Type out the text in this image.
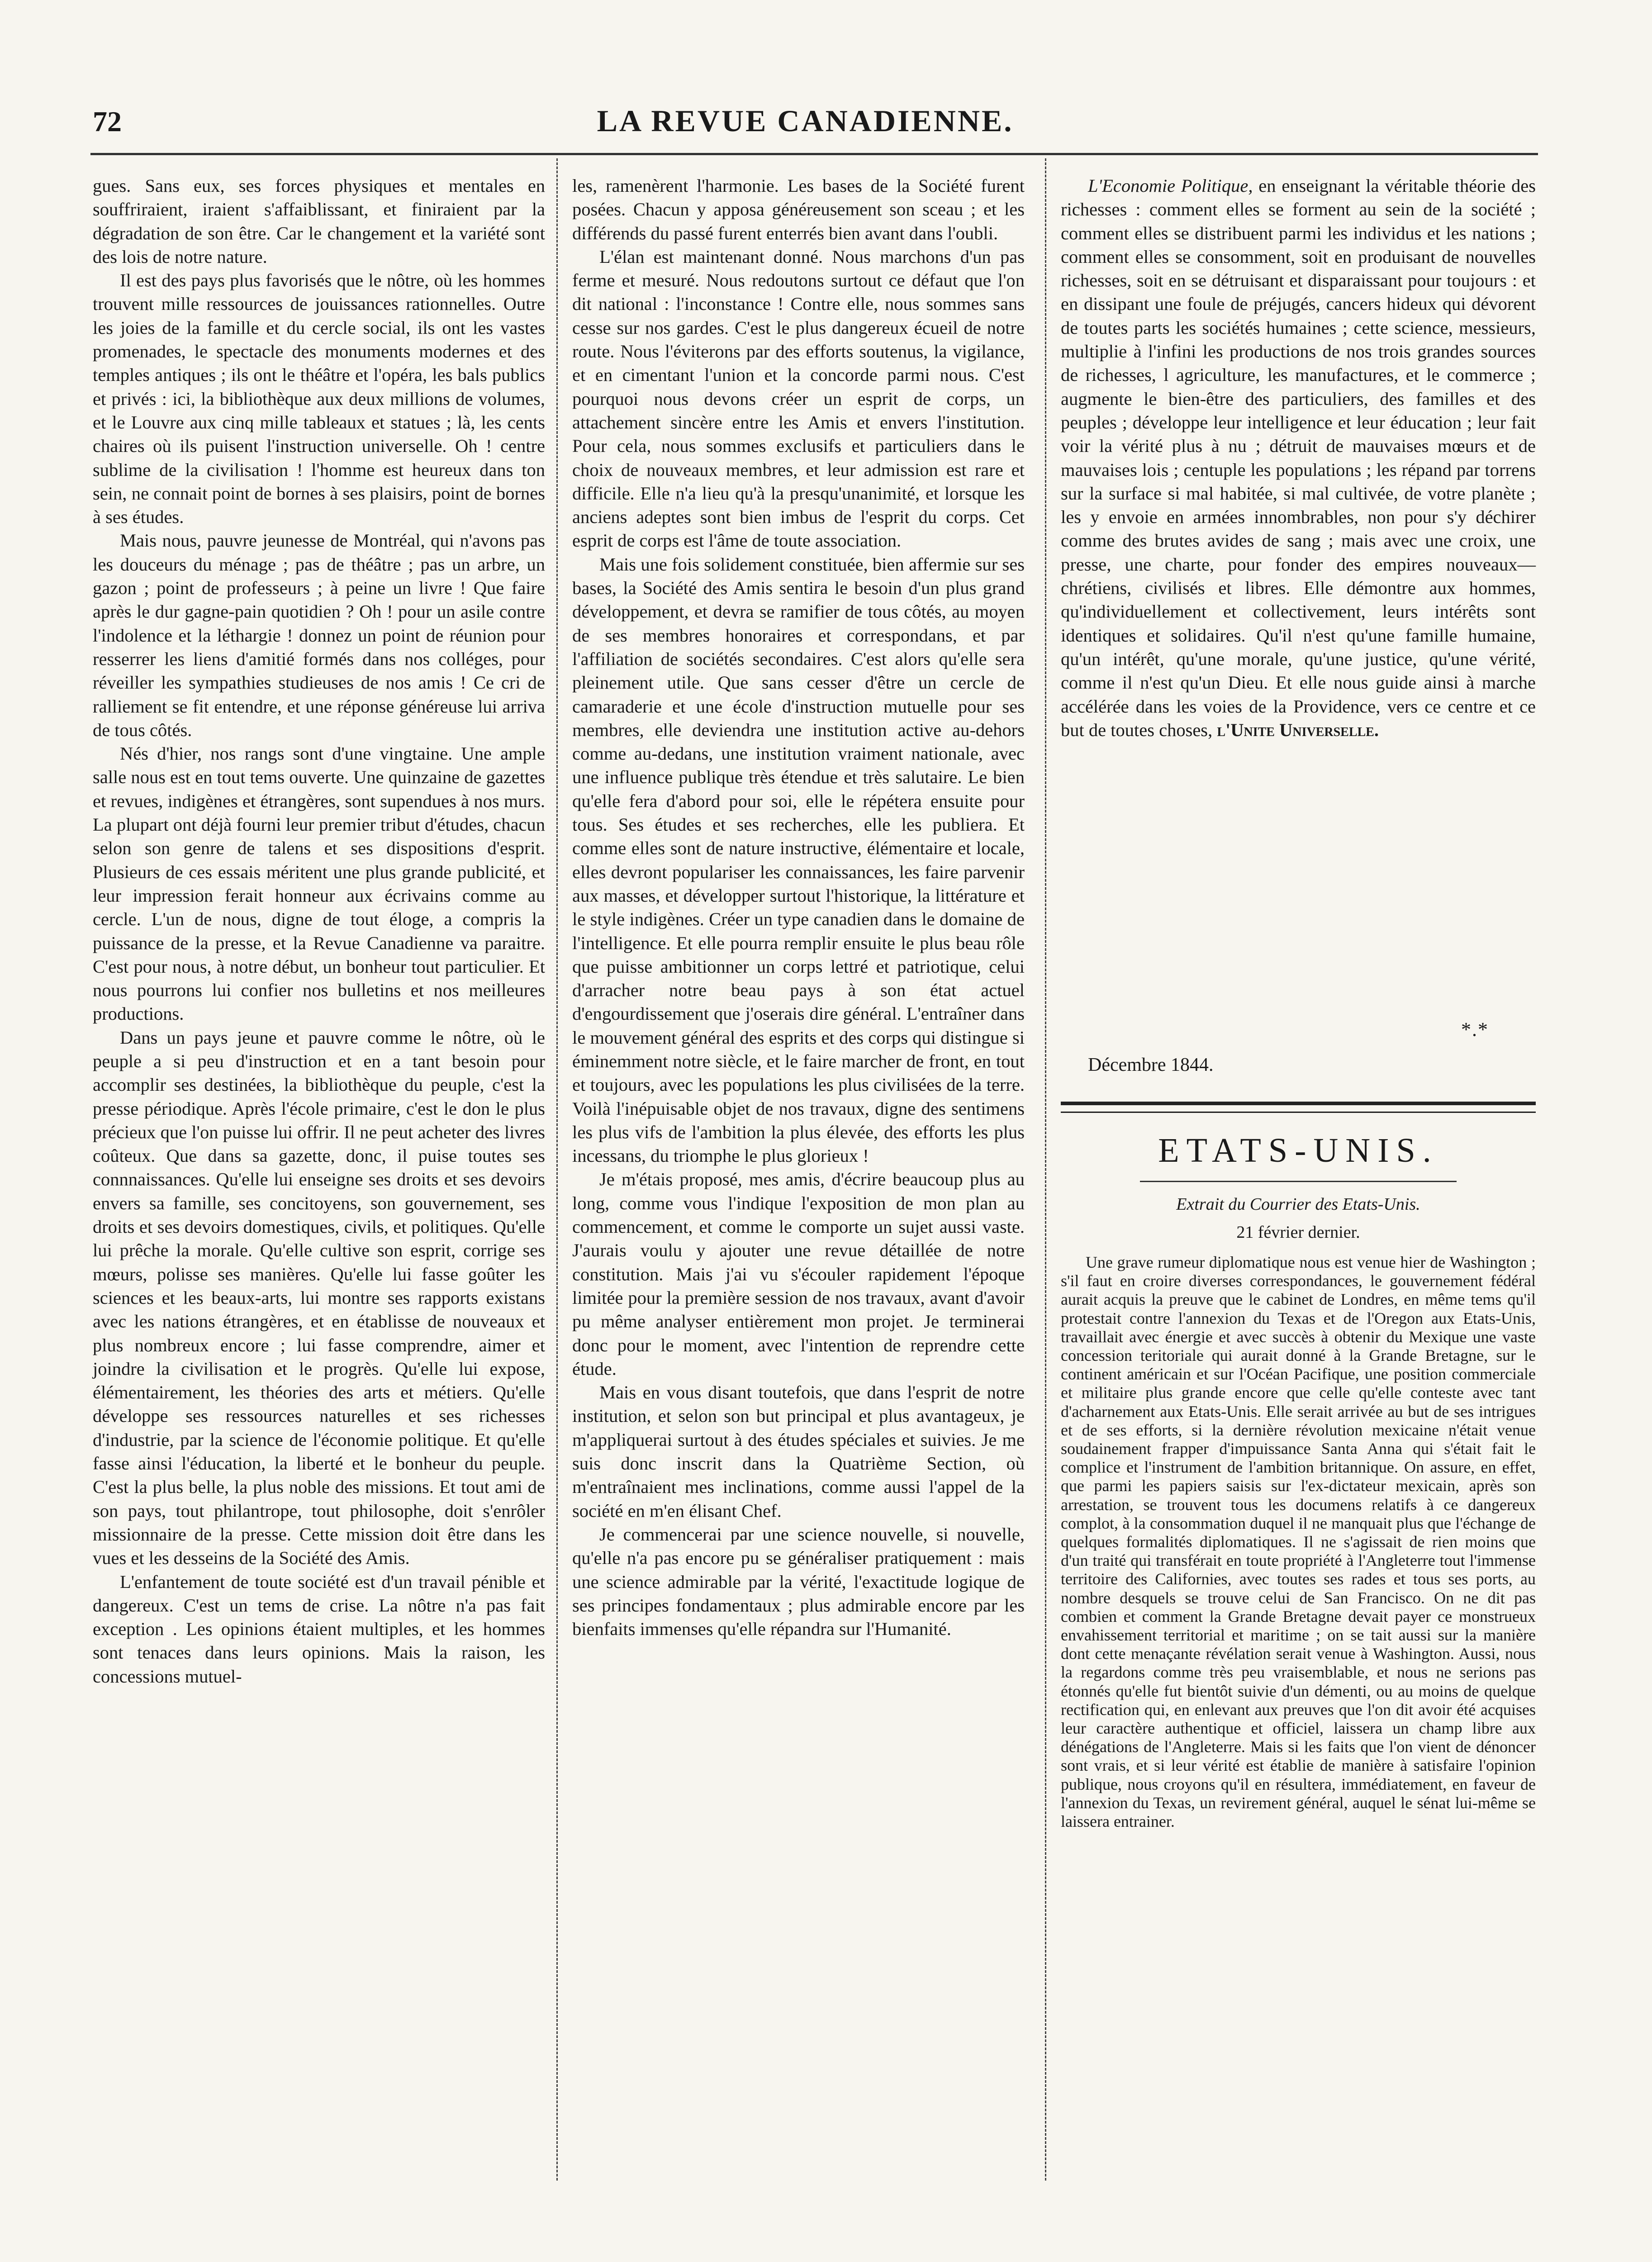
72	LA REVUE CANADIENNE.

gues. Sans eux, ses forces physiques et mentales en souffriraient, iraient s'affaiblissant, et finiraient par la dégradation de son être. Car le changement et la variété sont des lois de notre nature.

Il est des pays plus favorisés que le nôtre, où les hommes trouvent mille ressources de jouissances rationnelles. Outre les joies de la famille et du cercle social, ils ont les vastes promenades, le spectacle des monuments modernes et des temples antiques ; ils ont le théâtre et l'opéra, les bals publics et privés : ici, la bibliothèque aux deux millions de volumes, et le Louvre aux cinq mille tableaux et statues ; là, les cents chaires où ils puisent l'instruction universelle. Oh ! centre sublime de la civilisation ! l'homme est heureux dans ton sein, ne connait point de bornes à ses plaisirs, point de bornes à ses études.

Mais nous, pauvre jeunesse de Montréal, qui n'avons pas les douceurs du ménage ; pas de théâtre ; pas un arbre, un gazon ; point de professeurs ; à peine un livre ! Que faire après le dur gagne-pain quotidien ? Oh ! pour un asile contre l'indolence et la léthargie ! donnez un point de réunion pour resserrer les liens d'amitié formés dans nos colléges, pour réveiller les sympathies studieuses de nos amis ! Ce cri de ralliement se fit entendre, et une réponse généreuse lui arriva de tous côtés.

Nés d'hier, nos rangs sont d'une vingtaine. Une ample salle nous est en tout tems ouverte. Une quinzaine de gazettes et revues, indigènes et étrangères, sont supendues à nos murs. La plupart ont déjà fourni leur premier tribut d'études, chacun selon son genre de talens et ses dispositions d'esprit. Plusieurs de ces essais méritent une plus grande publicité, et leur impression ferait honneur aux écrivains comme au cercle. L'un de nous, digne de tout éloge, a compris la puissance de la presse, et la Revue Canadienne va paraitre. C'est pour nous, à notre début, un bonheur tout particulier. Et nous pourrons lui confier nos bulletins et nos meilleures productions.

Dans un pays jeune et pauvre comme le nôtre, où le peuple a si peu d'instruction et en a tant besoin pour accomplir ses destinées, la bibliothèque du peuple, c'est la presse périodique. Après l'école primaire, c'est le don le plus précieux que l'on puisse lui offrir. Il ne peut acheter des livres coûteux. Que dans sa gazette, donc, il puise toutes ses connnaissances. Qu'elle lui enseigne ses droits et ses devoirs envers sa famille, ses concitoyens, son gouvernement, ses droits et ses devoirs domestiques, civils, et politiques. Qu'elle lui prêche la morale. Qu'elle cultive son esprit, corrige ses mœurs, polisse ses manières. Qu'elle lui fasse goûter les sciences et les beaux-arts, lui montre ses rapports existans avec les nations étrangères, et en établisse de nouveaux et plus nombreux encore ; lui fasse comprendre, aimer et joindre la civilisation et le progrès. Qu'elle lui expose, élémentairement, les théories des arts et métiers. Qu'elle développe ses ressources naturelles et ses richesses d'industrie, par la science de l'économie politique. Et qu'elle fasse ainsi l'éducation, la liberté et le bonheur du peuple. C'est la plus belle, la plus noble des missions. Et tout ami de son pays, tout philantrope, tout philosophe, doit s'enrôler missionnaire de la presse. Cette mission doit être dans les vues et les desseins de la Société des Amis.

L'enfantement de toute société est d'un travail pénible et dangereux. C'est un tems de crise. La nôtre n'a pas fait exception . Les opinions étaient multiples, et les hommes sont tenaces dans leurs opinions. Mais la raison, les concessions mutuel-

les, ramenèrent l'harmonie. Les bases de la Société furent posées. Chacun y apposa généreusement son sceau ; et les différends du passé furent enterrés bien avant dans l'oubli.

L'élan est maintenant donné. Nous marchons d'un pas ferme et mesuré. Nous redoutons surtout ce défaut que l'on dit national : l'inconstance ! Contre elle, nous sommes sans cesse sur nos gardes. C'est le plus dangereux écueil de notre route. Nous l'éviterons par des efforts soutenus, la vigilance, et en cimentant l'union et la concorde parmi nous. C'est pourquoi nous devons créer un esprit de corps, un attachement sincère entre les Amis et envers l'institution. Pour cela, nous sommes exclusifs et particuliers dans le choix de nouveaux membres, et leur admission est rare et difficile. Elle n'a lieu qu'à la presqu'unanimité, et lorsque les anciens adeptes sont bien imbus de l'esprit du corps. Cet esprit de corps est l'âme de toute association.

Mais une fois solidement constituée, bien affermie sur ses bases, la Société des Amis sentira le besoin d'un plus grand développement, et devra se ramifier de tous côtés, au moyen de ses membres honoraires et correspondans, et par l'affiliation de sociétés secondaires. C'est alors qu'elle sera pleinement utile. Que sans cesser d'être un cercle de camaraderie et une école d'instruction mutuelle pour ses membres, elle deviendra une institution active au-dehors comme au-dedans, une institution vraiment nationale, avec une influence publique très étendue et très salutaire. Le bien qu'elle fera d'abord pour soi, elle le répétera ensuite pour tous. Ses études et ses recherches, elle les publiera. Et comme elles sont de nature instructive, élémentaire et locale, elles devront populariser les connaissances, les faire parvenir aux masses, et développer surtout l'historique, la littérature et le style indigènes. Créer un type canadien dans le domaine de l'intelligence. Et elle pourra remplir ensuite le plus beau rôle que puisse ambitionner un corps lettré et patriotique, celui d'arracher notre beau pays à son état actuel d'engourdissement que j'oserais dire général. L'entraîner dans le mouvement général des esprits et des corps qui distingue si éminemment notre siècle, et le faire marcher de front, en tout et toujours, avec les populations les plus civilisées de la terre. Voilà l'inépuisable objet de nos travaux, digne des sentimens les plus vifs de l'ambition la plus élevée, des efforts les plus incessans, du triomphe le plus glorieux !

Je m'étais proposé, mes amis, d'écrire beaucoup plus au long, comme vous l'indique l'exposition de mon plan au commencement, et comme le comporte un sujet aussi vaste. J'aurais voulu y ajouter une revue détaillée de notre constitution. Mais j'ai vu s'écouler rapidement l'époque limitée pour la première session de nos travaux, avant d'avoir pu même analyser entièrement mon projet. Je terminerai donc pour le moment, avec l'intention de reprendre cette étude.

Mais en vous disant toutefois, que dans l'esprit de notre institution, et selon son but principal et plus avantageux, je m'appliquerai surtout à des études spéciales et suivies. Je me suis donc inscrit dans la Quatrième Section, où m'entraînaient mes inclinations, comme aussi l'appel de la société en m'en élisant Chef.

Je commencerai par une science nouvelle, si nouvelle, qu'elle n'a pas encore pu se généraliser pratiquement : mais une science admirable par la vérité, l'exactitude logique de ses principes fondamentaux ; plus admirable encore par les bienfaits immenses qu'elle répandra sur l'Humanité.

L'Economie Politique, en enseignant la véritable théorie des richesses : comment elles se forment au sein de la société ; comment elles se distribuent parmi les individus et les nations ; comment elles se consomment, soit en produisant de nouvelles richesses, soit en se détruisant et disparaissant pour toujours : et en dissipant une foule de préjugés, cancers hideux qui dévorent de toutes parts les sociétés humaines ; cette science, messieurs, multiplie à l'infini les productions de nos trois grandes sources de richesses, l agriculture, les manufactures, et le commerce ; augmente le bien-être des particuliers, des familles et des peuples ; développe leur intelligence et leur éducation ; leur fait voir la vérité plus à nu ; détruit de mauvaises mœurs et de mauvaises lois ; centuple les populations ; les répand par torrens sur la surface si mal habitée, si mal cultivée, de votre planète ; les y envoie en armées innombrables, non pour s'y déchirer comme des brutes avides de sang ; mais avec une croix, une presse, une charte, pour fonder des empires nouveaux—chrétiens, civilisés et libres. Elle démontre aux hommes, qu'individuellement et collectivement, leurs intérêts sont identiques et solidaires. Qu'il n'est qu'une famille humaine, qu'un intérêt, qu'une morale, qu'une justice, qu'une vérité, comme il n'est qu'un Dieu. Et elle nous guide ainsi à marche accélérée dans les voies de la Providence, vers ce centre et ce but de toutes choses, l'Unite Universelle.

*.*
Décembre 1844.
ETATS-UNIS.
Extrait du Courrier des Etats-Unis.
21 février dernier.

Une grave rumeur diplomatique nous est venue hier de Washington ; s'il faut en croire diverses correspondances, le gouvernement fédéral aurait acquis la preuve que le cabinet de Londres, en même tems qu'il protestait contre l'annexion du Texas et de l'Oregon aux Etats-Unis, travaillait avec énergie et avec succès à obtenir du Mexique une vaste concession teritoriale qui aurait donné à la Grande Bretagne, sur le continent américain et sur l'Océan Pacifique, une position commerciale et militaire plus grande encore que celle qu'elle conteste avec tant d'acharnement aux Etats-Unis. Elle serait arrivée au but de ses intrigues et de ses efforts, si la dernière révolution mexicaine n'était venue soudainement frapper d'impuissance Santa Anna qui s'était fait le complice et l'instrument de l'ambition britannique. On assure, en effet, que parmi les papiers saisis sur l'ex-dictateur mexicain, après son arrestation, se trouvent tous les documens relatifs à ce dangereux complot, à la consommation duquel il ne manquait plus que l'échange de quelques formalités diplomatiques. Il ne s'agissait de rien moins que d'un traité qui transférait en toute propriété à l'Angleterre tout l'immense territoire des Californies, avec toutes ses rades et tous ses ports, au nombre desquels se trouve celui de San Francisco. On ne dit pas combien et comment la Grande Bretagne devait payer ce monstrueux envahissement territorial et maritime ; on se tait aussi sur la manière dont cette menaçante révélation serait venue à Washington. Aussi, nous la regardons comme très peu vraisemblable, et nous ne serions pas étonnés qu'elle fut bientôt suivie d'un démenti, ou au moins de quelque rectification qui, en enlevant aux preuves que l'on dit avoir été acquises leur caractère authentique et officiel, laissera un champ libre aux dénégations de l'Angleterre. Mais si les faits que l'on vient de dénoncer sont vrais, et si leur vérité est établie de manière à satisfaire l'opinion publique, nous croyons qu'il en résultera, immédiatement, en faveur de l'annexion du Texas, un revirement général, auquel le sénat lui-même se laissera entrainer.
